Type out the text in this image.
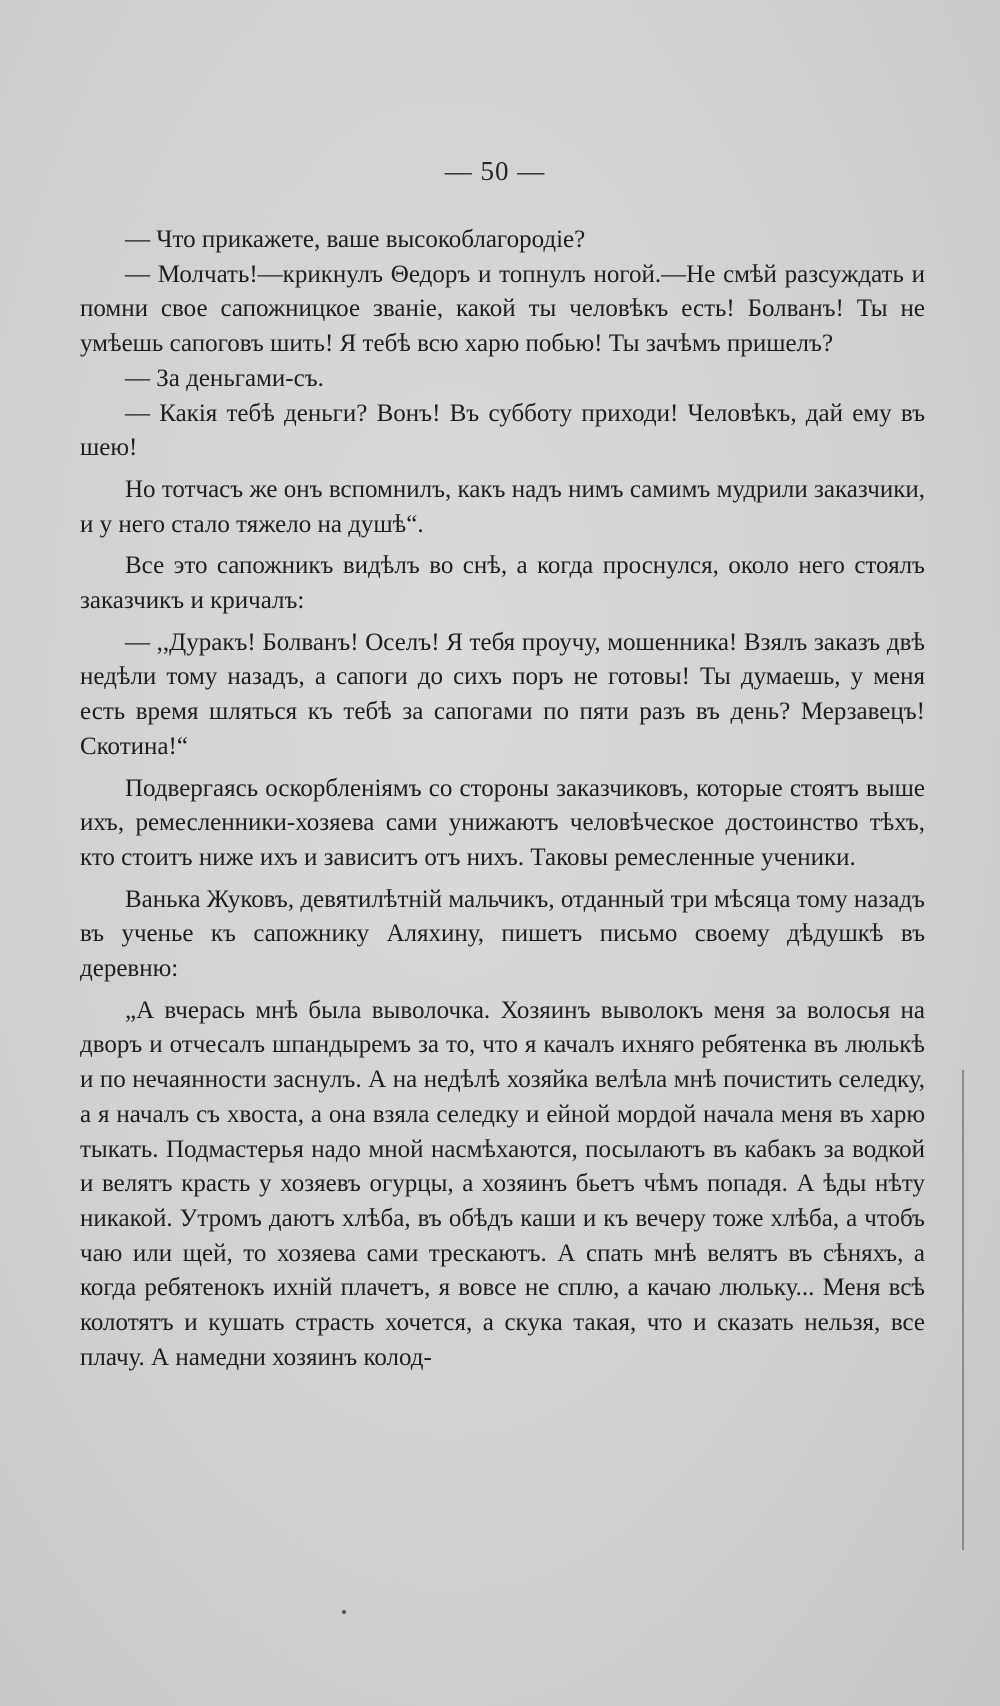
— 50 —

— Что прикажете, ваше высокоблагородіе?

— Молчать!—крикнулъ Θедоръ и топнулъ ногой.—Не смѣй разсуждать и помни свое сапожницкое званіе, какой ты человѣкъ есть! Болванъ! Ты не умѣешь сапоговъ шить! Я тебѣ всю харю побью! Ты зачѣмъ пришелъ?

— За деньгами-съ.

— Какія тебѣ деньги? Вонъ! Въ субботу приходи! Человѣкъ, дай ему въ шею!

Но тотчасъ же онъ вспомнилъ, какъ надъ нимъ самимъ мудрили заказчики, и у него стало тяжело на душѣ“.

Все это сапожникъ видѣлъ во снѣ, а когда проснулся, около него стоялъ заказчикъ и кричалъ:

— ,,Дуракъ! Болванъ! Оселъ! Я тебя проучу, мошенника! Взялъ заказъ двѣ недѣли тому назадъ, а сапоги до сихъ поръ не готовы! Ты думаешь, у меня есть время шляться къ тебѣ за сапогами по пяти разъ въ день? Мерзавецъ! Скотина!“

Подвергаясь оскорбленіямъ со стороны заказчиковъ, которые стоятъ выше ихъ, ремесленники-хозяева сами унижаютъ человѣческое достоинство тѣхъ, кто стоитъ ниже ихъ и зависитъ отъ нихъ. Таковы ремесленные ученики.

Ванька Жуковъ, девятилѣтній мальчикъ, отданный три мѣсяца тому назадъ въ ученье къ сапожнику Аляхину, пишетъ письмо своему дѣдушкѣ въ деревню:

„А вчерась мнѣ была выволочка. Хозяинъ выволокъ меня за волосья на дворъ и отчесалъ шпандыремъ за то, что я качалъ ихняго ребятенка въ люлькѣ и по нечаянности заснулъ. А на недѣлѣ хозяйка велѣла мнѣ почистить селедку, а я началъ съ хвоста, а она взяла селедку и ейной мордой начала меня въ харю тыкать. Подмастерья надо мной насмѣхаются, посылаютъ въ кабакъ за водкой и велятъ красть у хозяевъ огурцы, а хозяинъ бьетъ чѣмъ попадя. А ѣды нѣту никакой. Утромъ даютъ хлѣба, въ обѣдъ каши и къ вечеру тоже хлѣба, а чтобъ чаю или щей, то хозяева сами трескаютъ. А спать мнѣ велятъ въ сѣняхъ, а когда ребятенокъ ихній плачетъ, я вовсе не сплю, а качаю люльку... Меня всѣ колотятъ и кушать страсть хочется, а скука такая, что и сказать нельзя, все плачу. А намедни хозяинъ колод-
